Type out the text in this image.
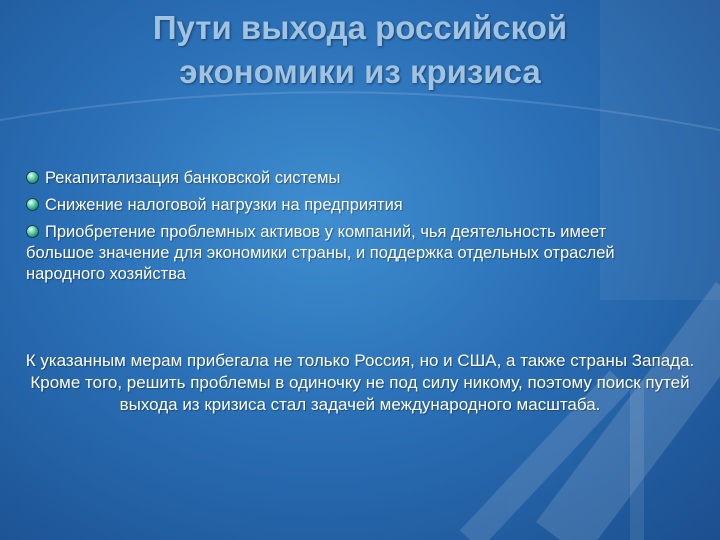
Пути выхода российской
экономики из кризиса
Рекапитализация банковской системы
Снижение налоговой нагрузки на предприятия
Приобретение проблемных активов у компаний, чья деятельность имеет большое значение для экономики страны, и поддержка отдельных отраслей народного хозяйства
К указанным мерам прибегала не только Россия, но и США, а также страны Запада. Кроме того, решить проблемы в одиночку не под силу никому, поэтому поиск путей выхода из кризиса стал задачей международного масштаба.
